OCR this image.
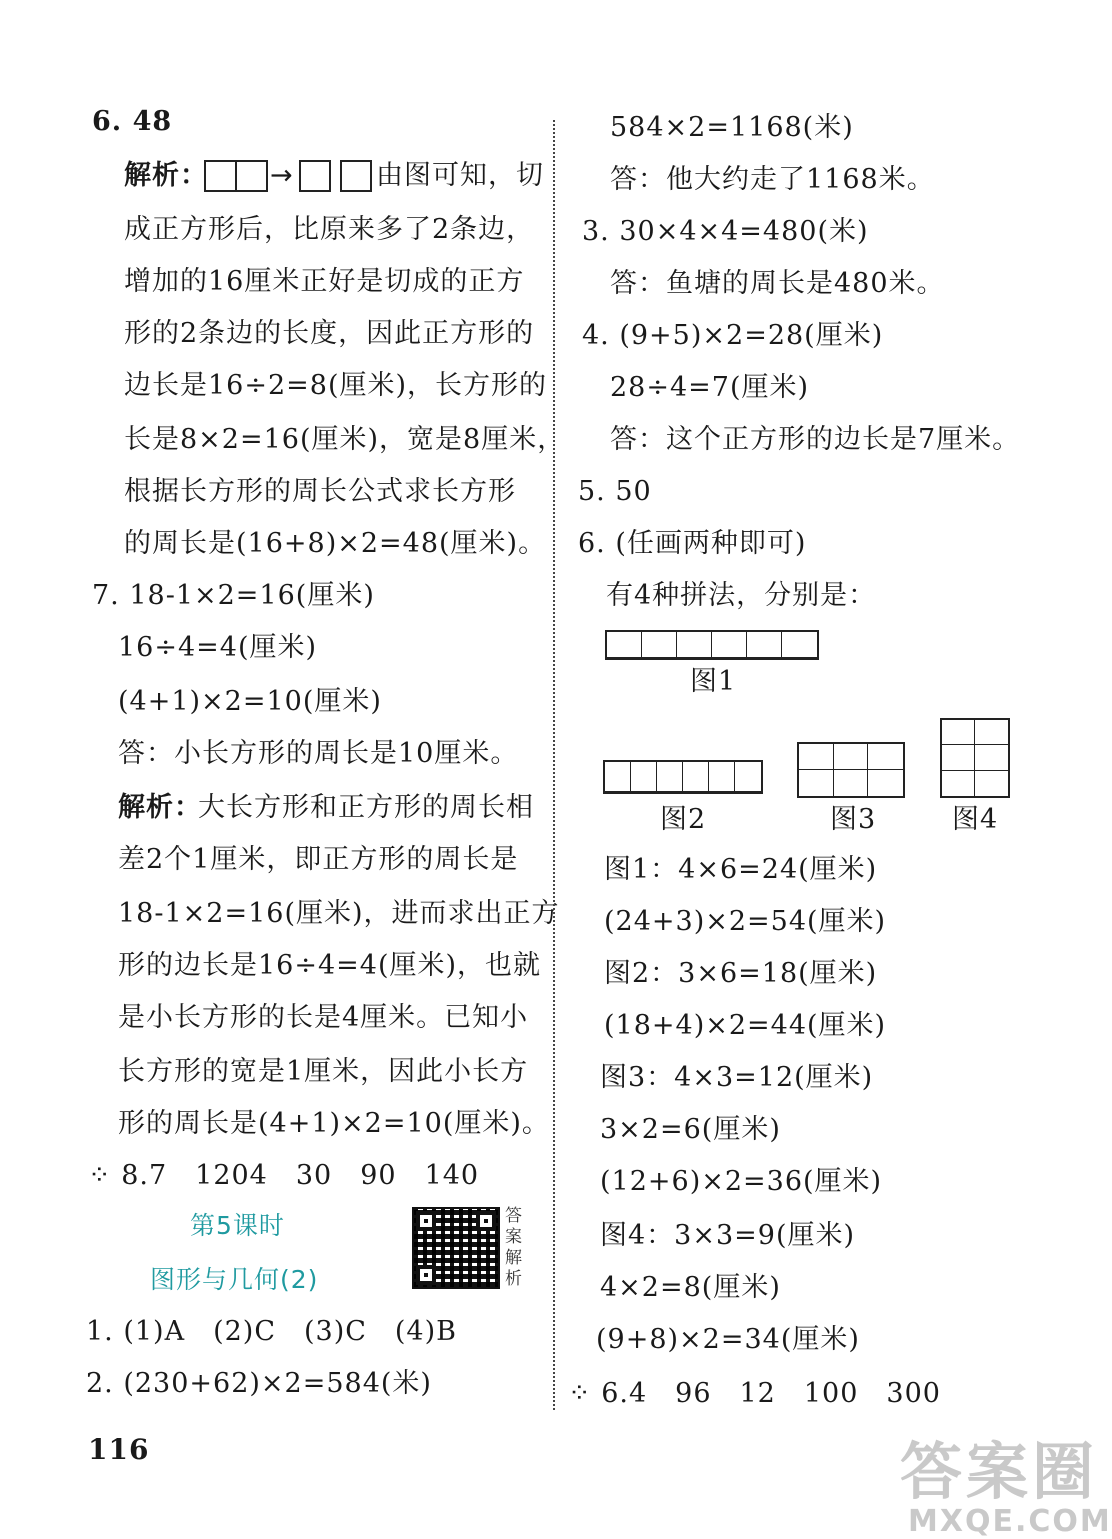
6. 48
解析： →	由图可知，切
成正方形后，比原来多了2条边，
增加的16厘米正好是切成的正方
形的2条边的长度，因此正方形的
边长是16÷2=8(厘米)，长方形的
长是8×2=16(厘米)，宽是8厘米，
根据长方形的周长公式求长方形
的周长是(16+8)×2=48(厘米)。
7. 18-1×2=16(厘米)
16÷4=4(厘米)
(4+1)×2=10(厘米)
答：小长方形的周长是10厘米。
解析：
大长方形和正方形的周长相
差2个1厘米，即正方形的周长是
18-1×2=16(厘米)，进而求出正方
形的边长是16÷4=4(厘米)，也就
是小长方形的长是4厘米。已知小
长方形的宽是1厘米，因此小长方
形的周长是(4+1)×2=10(厘米)。
⁘ 8.7　1204　30　90　140
第5课时
图形与几何(2)
答案解析
1. (1)A　(2)C　(3)C　(4)B
2. (230+62)×2=584(米)
116
584×2=1168(米)
答：他大约走了1168米。
3. 30×4×4=480(米)
答：鱼塘的周长是480米。
4. (9+5)×2=28(厘米)
28÷4=7(厘米)
答：这个正方形的边长是7厘米。
5. 50
6. (任画两种即可)
有4种拼法，分别是：
图1
图2	图3	图4
图1：4×6=24(厘米)
(24+3)×2=54(厘米)
图2：3×6=18(厘米)
(18+4)×2=44(厘米)
图3：4×3=12(厘米)
3×2=6(厘米)
(12+6)×2=36(厘米)
图4：3×3=9(厘米)
4×2=8(厘米)
(9+8)×2=34(厘米)
⁘ 6.4　96　12　100　300
答案圈
MXQE.COM
